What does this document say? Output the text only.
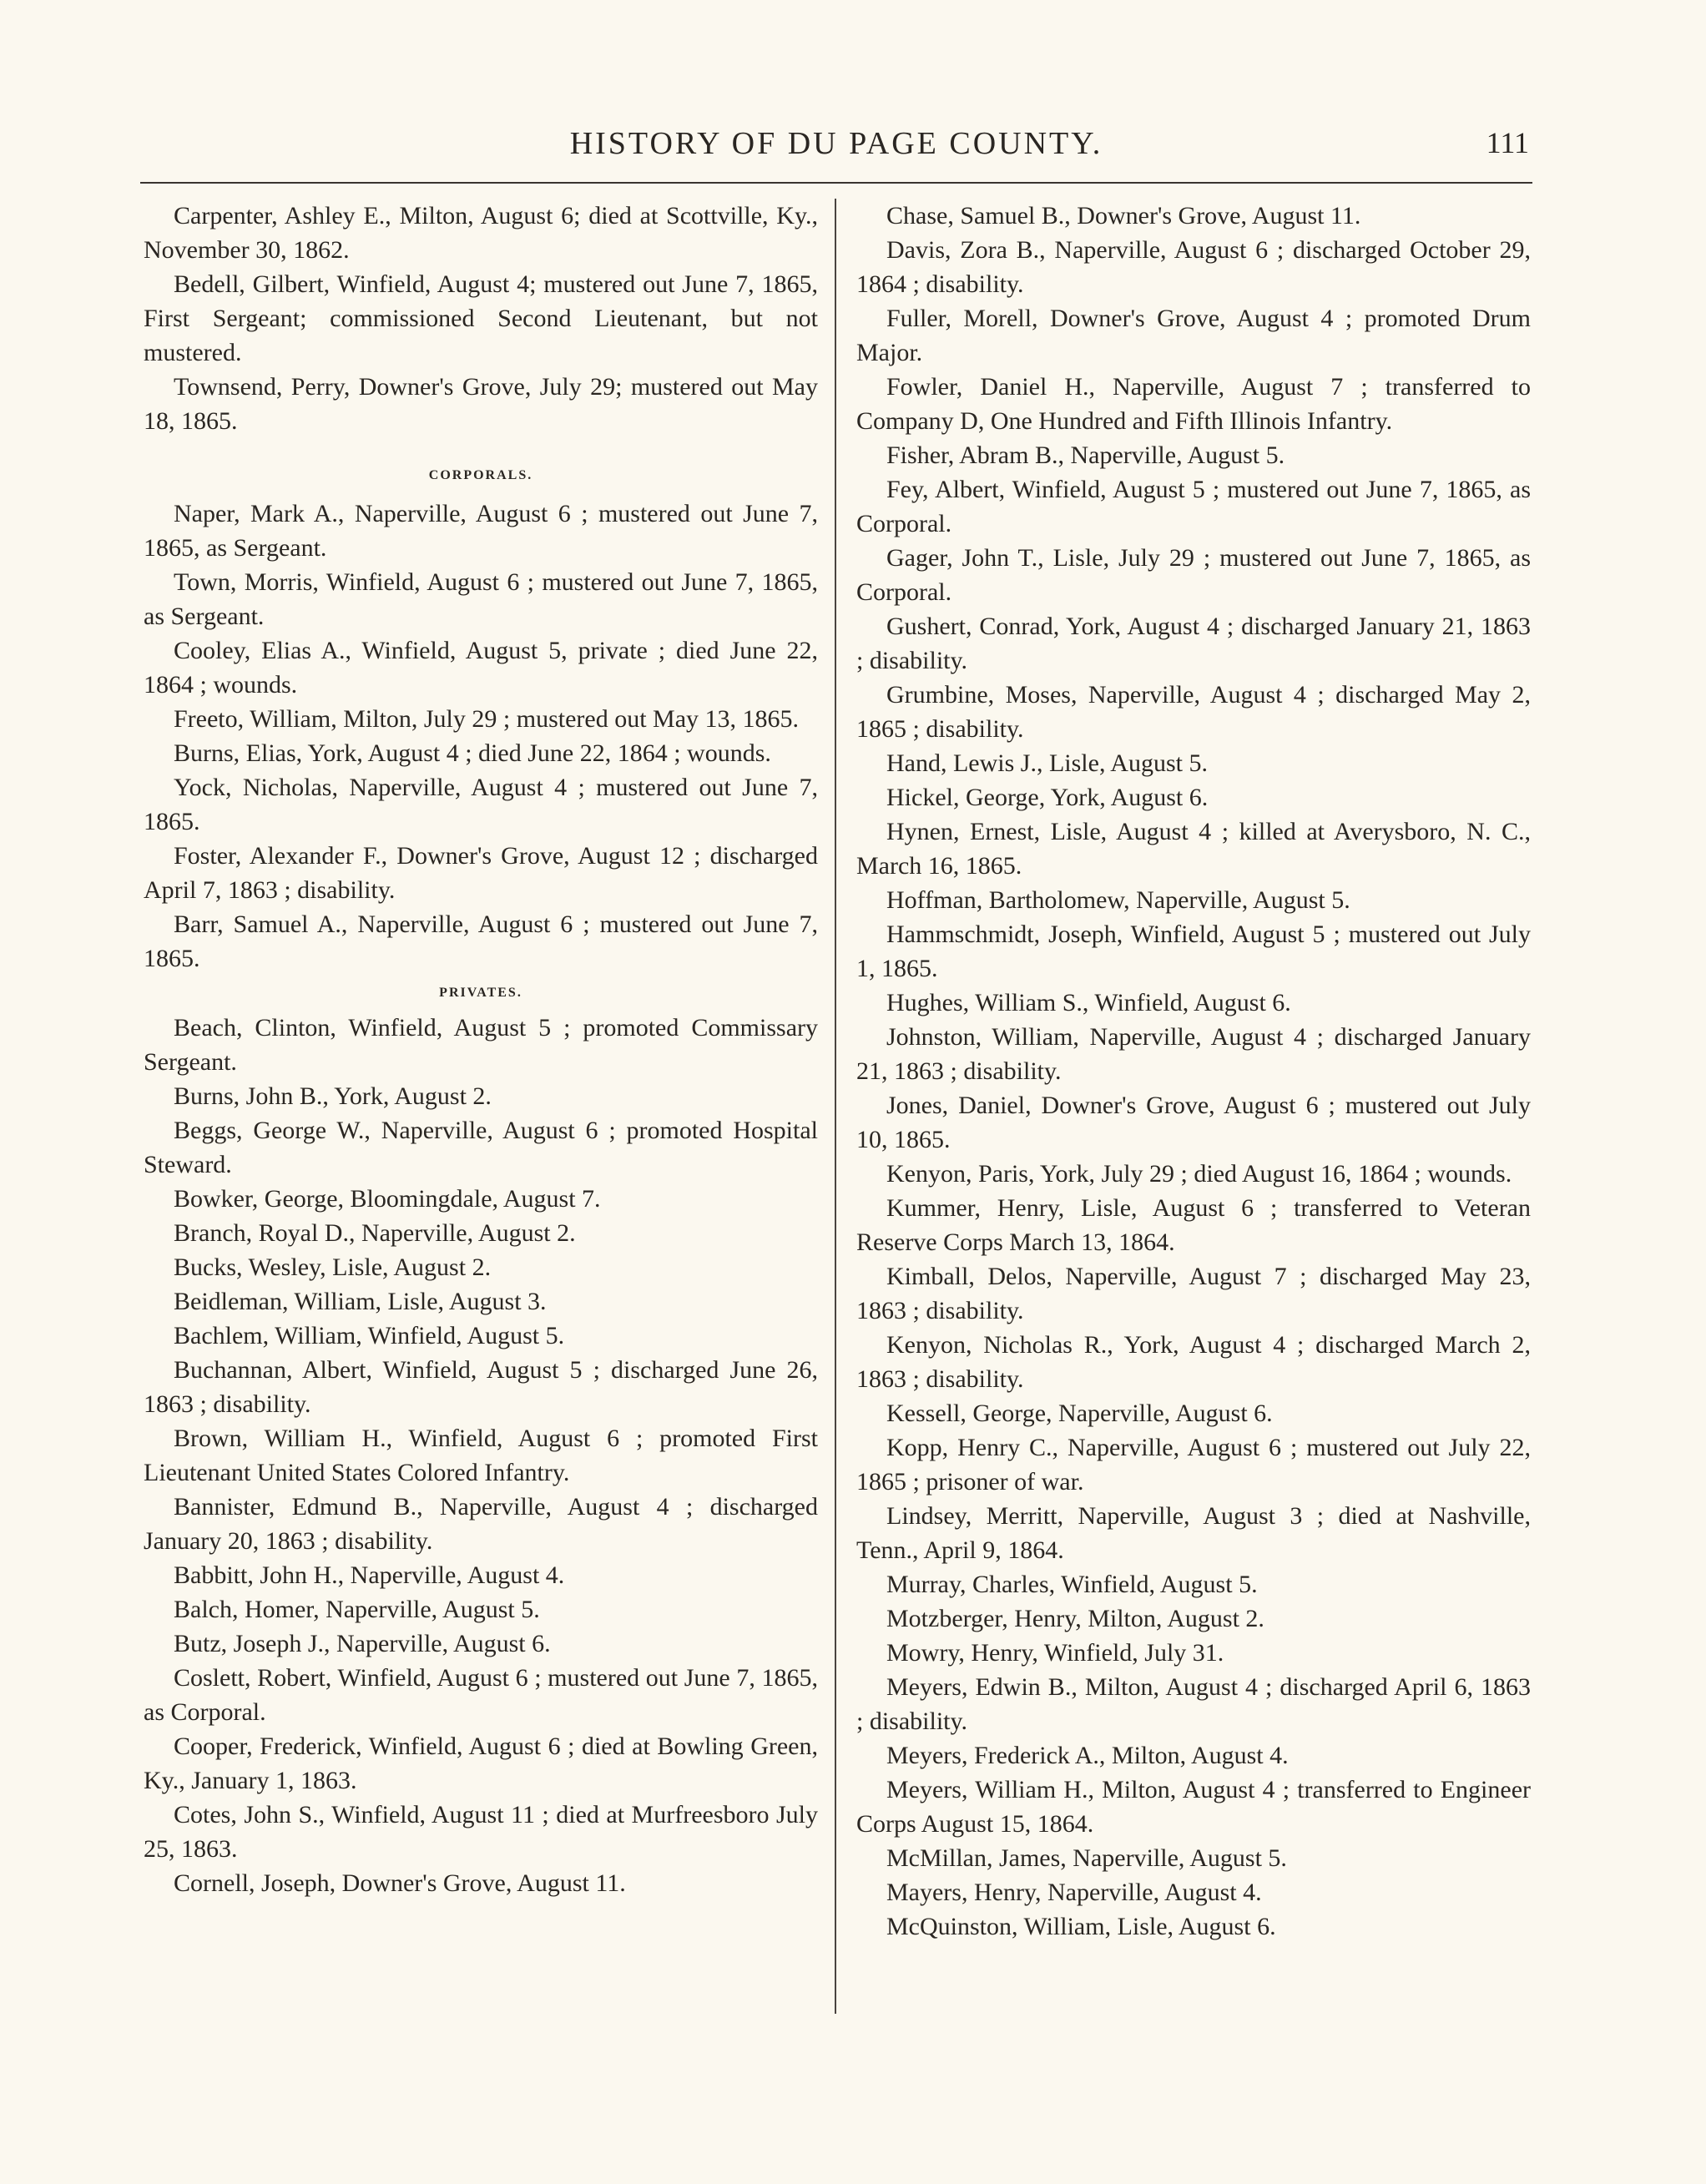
HISTORY OF DU PAGE COUNTY.	111

Carpenter, Ashley E., Milton, August 6; died at Scottville, Ky., November 30, 1862.

Bedell, Gilbert, Winfield, August 4; mustered out June 7, 1865, First Sergeant; commissioned Second Lieutenant, but not mustered.

Townsend, Perry, Downer's Grove, July 29; mustered out May 18, 1865.

CORPORALS.

Naper, Mark A., Naperville, August 6 ; mustered out June 7, 1865, as Sergeant.

Town, Morris, Winfield, August 6 ; mustered out June 7, 1865, as Sergeant.

Cooley, Elias A., Winfield, August 5, private ; died June 22, 1864 ; wounds.

Freeto, William, Milton, July 29 ; mustered out May 13, 1865.

Burns, Elias, York, August 4 ; died June 22, 1864 ; wounds.

Yock, Nicholas, Naperville, August 4 ; mustered out June 7, 1865.

Foster, Alexander F., Downer's Grove, August 12 ; discharged April 7, 1863 ; disability.

Barr, Samuel A., Naperville, August 6 ; mustered out June 7, 1865.

PRIVATES.

Beach, Clinton, Winfield, August 5 ; promoted Commissary Sergeant.

Burns, John B., York, August 2.

Beggs, George W., Naperville, August 6 ; promoted Hospital Steward.

Bowker, George, Bloomingdale, August 7.

Branch, Royal D., Naperville, August 2.

Bucks, Wesley, Lisle, August 2.

Beidleman, William, Lisle, August 3.

Bachlem, William, Winfield, August 5.

Buchannan, Albert, Winfield, August 5 ; discharged June 26, 1863 ; disability.

Brown, William H., Winfield, August 6 ; promoted First Lieutenant United States Colored Infantry.

Bannister, Edmund B., Naperville, August 4 ; discharged January 20, 1863 ; disability.

Babbitt, John H., Naperville, August 4.

Balch, Homer, Naperville, August 5.

Butz, Joseph J., Naperville, August 6.

Coslett, Robert, Winfield, August 6 ; mustered out June 7, 1865, as Corporal.

Cooper, Frederick, Winfield, August 6 ; died at Bowling Green, Ky., January 1, 1863.

Cotes, John S., Winfield, August 11 ; died at Murfreesboro July 25, 1863.

Cornell, Joseph, Downer's Grove, August 11.

Chase, Samuel B., Downer's Grove, August 11.

Davis, Zora B., Naperville, August 6 ; discharged October 29, 1864 ; disability.

Fuller, Morell, Downer's Grove, August 4 ; promoted Drum Major.

Fowler, Daniel H., Naperville, August 7 ; transferred to Company D, One Hundred and Fifth Illinois Infantry.

Fisher, Abram B., Naperville, August 5.

Fey, Albert, Winfield, August 5 ; mustered out June 7, 1865, as Corporal.

Gager, John T., Lisle, July 29 ; mustered out June 7, 1865, as Corporal.

Gushert, Conrad, York, August 4 ; discharged January 21, 1863 ; disability.

Grumbine, Moses, Naperville, August 4 ; discharged May 2, 1865 ; disability.

Hand, Lewis J., Lisle, August 5.

Hickel, George, York, August 6.

Hynen, Ernest, Lisle, August 4 ; killed at Averysboro, N. C., March 16, 1865.

Hoffman, Bartholomew, Naperville, August 5.

Hammschmidt, Joseph, Winfield, August 5 ; mustered out July 1, 1865.

Hughes, William S., Winfield, August 6.

Johnston, William, Naperville, August 4 ; discharged January 21, 1863 ; disability.

Jones, Daniel, Downer's Grove, August 6 ; mustered out July 10, 1865.

Kenyon, Paris, York, July 29 ; died August 16, 1864 ; wounds.

Kummer, Henry, Lisle, August 6 ; transferred to Veteran Reserve Corps March 13, 1864.

Kimball, Delos, Naperville, August 7 ; discharged May 23, 1863 ; disability.

Kenyon, Nicholas R., York, August 4 ; discharged March 2, 1863 ; disability.

Kessell, George, Naperville, August 6.

Kopp, Henry C., Naperville, August 6 ; mustered out July 22, 1865 ; prisoner of war.

Lindsey, Merritt, Naperville, August 3 ; died at Nashville, Tenn., April 9, 1864.

Murray, Charles, Winfield, August 5.

Motzberger, Henry, Milton, August 2.

Mowry, Henry, Winfield, July 31.

Meyers, Edwin B., Milton, August 4 ; discharged April 6, 1863 ; disability.

Meyers, Frederick A., Milton, August 4.

Meyers, William H., Milton, August 4 ; transferred to Engineer Corps August 15, 1864.

McMillan, James, Naperville, August 5.

Mayers, Henry, Naperville, August 4.

McQuinston, William, Lisle, August 6.
